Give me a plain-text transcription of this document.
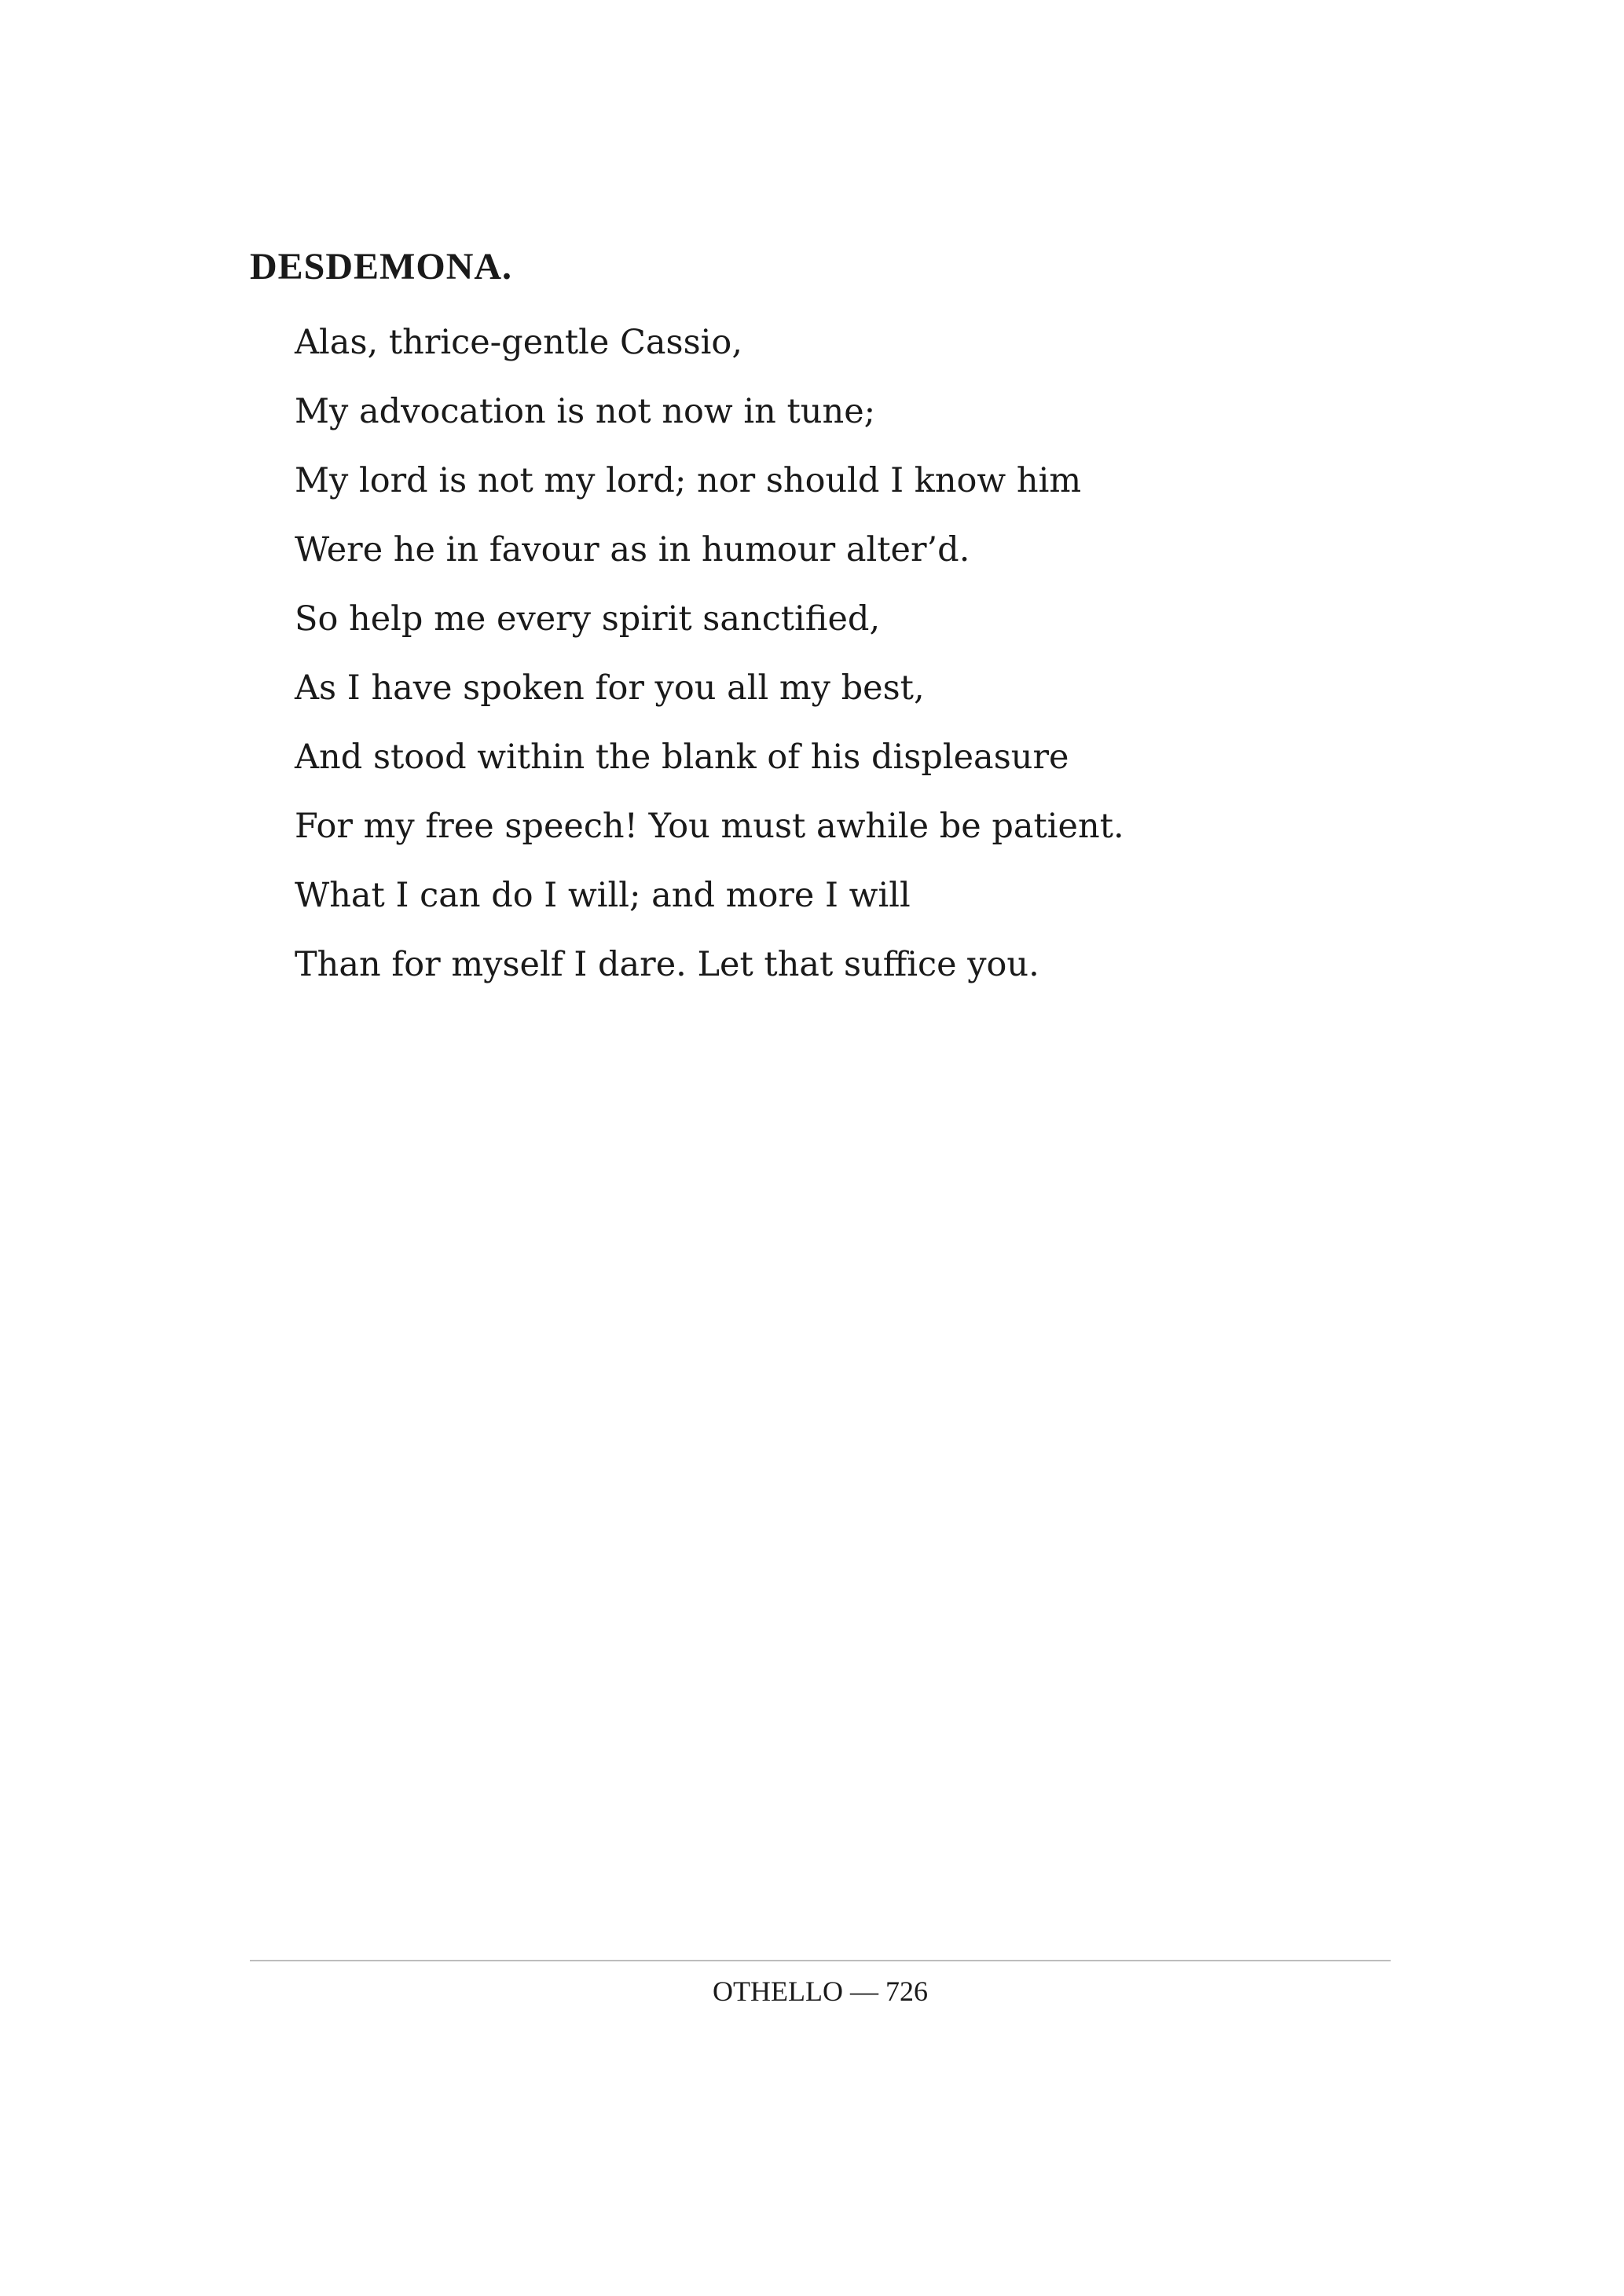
DESDEMONA.
Alas, thrice-gentle Cassio,
My advocation is not now in tune;
My lord is not my lord; nor should I know him
Were he in favour as in humour alter’d.
So help me every spirit sanctified,
As I have spoken for you all my best,
And stood within the blank of his displeasure
For my free speech! You must awhile be patient.
What I can do I will; and more I will
Than for myself I dare. Let that suffice you.
OTHELLO — 726
